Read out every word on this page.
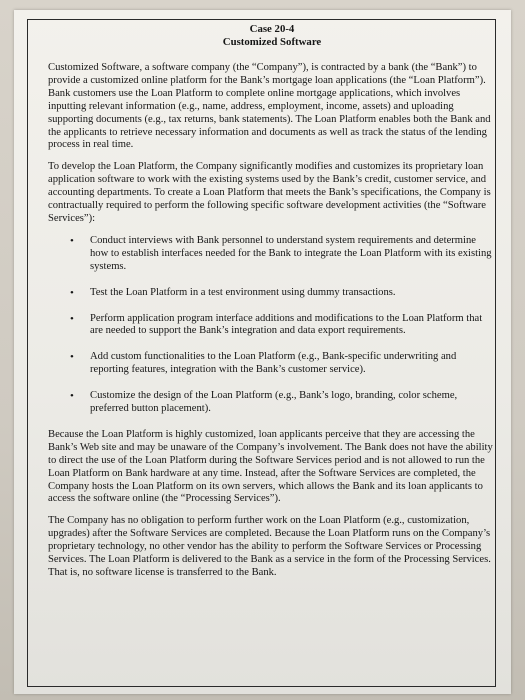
Case 20-4
Customized Software

Customized Software, a software company (the “Company”), is contracted by a bank (the “Bank”) to provide a customized online platform for the Bank’s mortgage loan applications (the “Loan Platform”). Bank customers use the Loan Platform to complete online mortgage applications, which involves inputting relevant information (e.g., name, address, employment, income, assets) and uploading supporting documents (e.g., tax returns, bank statements). The Loan Platform enables both the Bank and the applicants to retrieve necessary information and documents as well as track the status of the lending process in real time.

To develop the Loan Platform, the Company significantly modifies and customizes its proprietary loan application software to work with the existing systems used by the Bank’s credit, customer service, and accounting departments. To create a Loan Platform that meets the Bank’s specifications, the Company is contractually required to perform the following specific software development activities (the “Software Services”):

• Conduct interviews with Bank personnel to understand system requirements and determine how to establish interfaces needed for the Bank to integrate the Loan Platform with its existing systems.
• Test the Loan Platform in a test environment using dummy transactions.
• Perform application program interface additions and modifications to the Loan Platform that are needed to support the Bank’s integration and data export requirements.
• Add custom functionalities to the Loan Platform (e.g., Bank-specific underwriting and reporting features, integration with the Bank’s customer service).
• Customize the design of the Loan Platform (e.g., Bank’s logo, branding, color scheme, preferred button placement).

Because the Loan Platform is highly customized, loan applicants perceive that they are accessing the Bank’s Web site and may be unaware of the Company’s involvement. The Bank does not have the ability to direct the use of the Loan Platform during the Software Services period and is not allowed to run the Loan Platform on Bank hardware at any time. Instead, after the Software Services are completed, the Company hosts the Loan Platform on its own servers, which allows the Bank and its loan applicants to access the software online (the “Processing Services”).

The Company has no obligation to perform further work on the Loan Platform (e.g., customization, upgrades) after the Software Services are completed. Because the Loan Platform runs on the Company’s proprietary technology, no other vendor has the ability to perform the Software Services or Processing Services. The Loan Platform is delivered to the Bank as a service in the form of the Processing Services. That is, no software license is transferred to the Bank.
